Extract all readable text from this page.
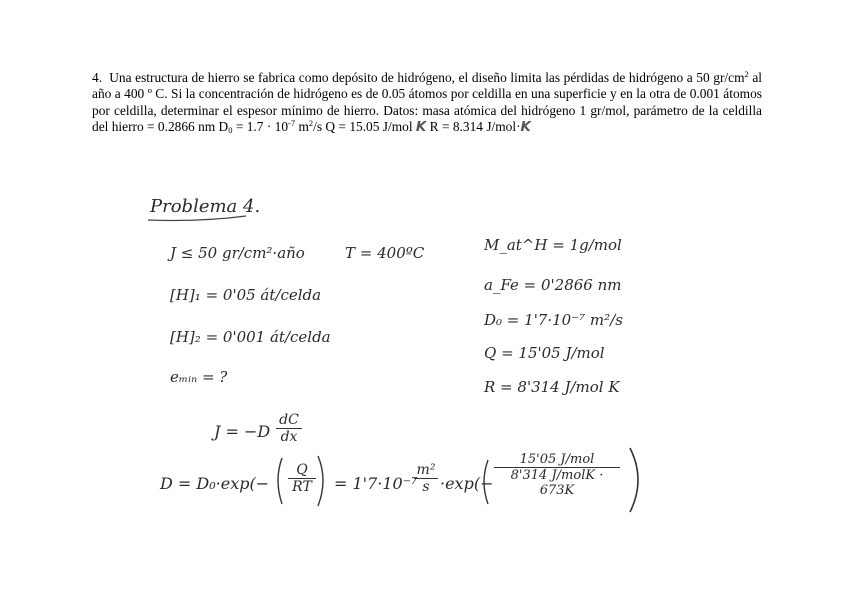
4. Una estructura de hierro se fabrica como depósito de hidrógeno, el diseño limita las pérdidas de hidrógeno a 50 $gr/cm^2$ al año a 400 º C. Si la concentración de hidrógeno es de 0.05 átomos por celdilla en una superficie y en la otra de 0.001 átomos por celdilla, determinar el espesor mínimo de hierro. Datos: masa atómica del hidrógeno 1 gr/mol, parámetro de la celdilla del hierro = 0.2866 nm $D_0 = 1.7 \cdot 10^{-7}$ $m^2/s$ Q = 15.05 J/mol K R = 8.314 J/mol·K
Problema 4.
J ≤ 50 gr/cm²·año	T = 400ºC
[H]₁ = 0'05 át/celda
[H]₂ = 0'001 át/celda
eₘᵢₙ = ?
M_at^H = 1g/mol
a_Fe = 0'2866 nm
D₀ = 1'7·10⁻⁷ m²/s
Q = 15'05 J/mol
R = 8'314 J/mol K
$J = -D \frac{dC}{dx}$
$D = D_0\cdot\exp(- \frac{Q}{RT} = 1'7\cdot 10^{-7}$
$\frac{\text{m²}}{s} \cdot\exp(-$
15'05 J/mol
8'314 J/molK · 673K
